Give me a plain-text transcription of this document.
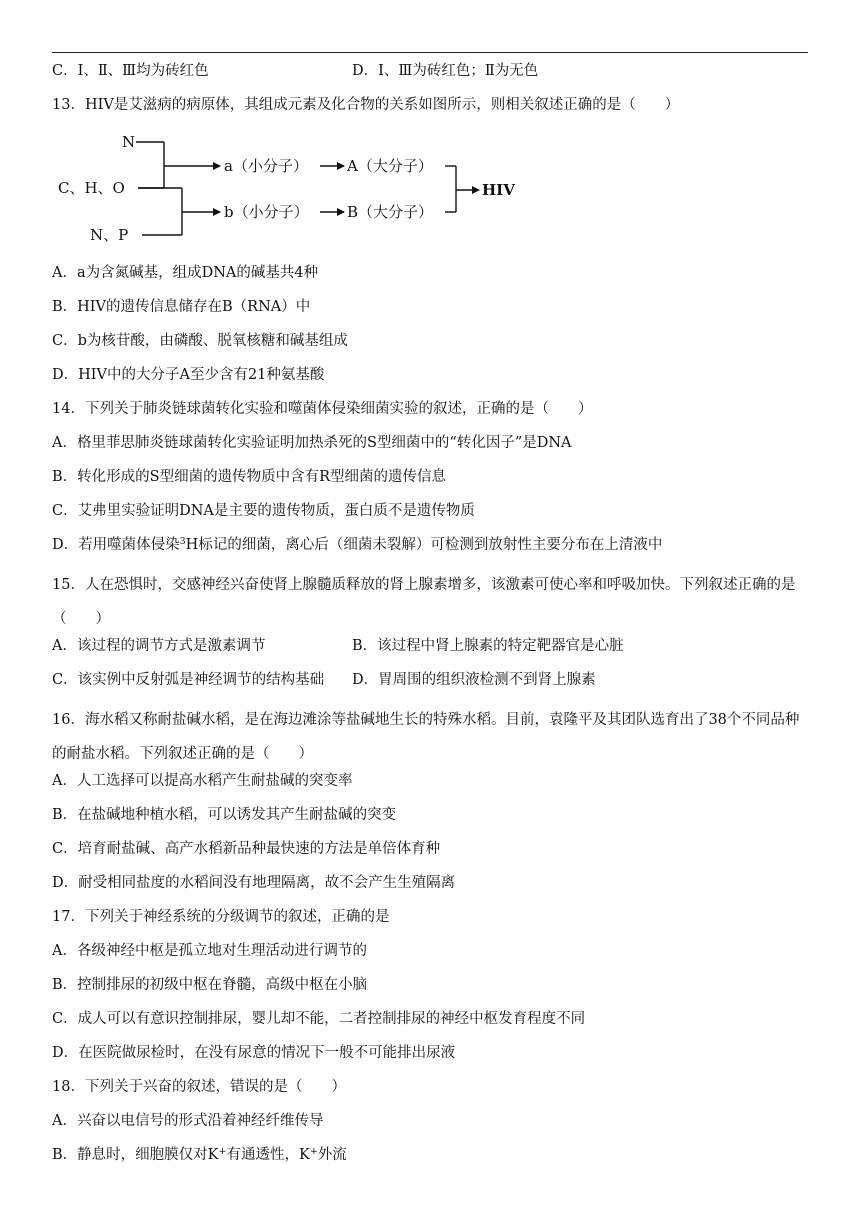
C．Ⅰ、Ⅱ、Ⅲ均为砖红色	D．Ⅰ、Ⅲ为砖红色；Ⅱ为无色
13．HIV是艾滋病的病原体，其组成元素及化合物的关系如图所示，则相关叙述正确的是（　　）
N
C、H、O
N、P
a（小分子）	A（大分子）
b（小分子）	B（大分子）
HIV
A．a为含氮碱基，组成DNA的碱基共4种
B．HIV的遗传信息储存在B（RNA）中
C．b为核苷酸，由磷酸、脱氧核糖和碱基组成
D．HIV中的大分子A至少含有21种氨基酸
14．下列关于肺炎链球菌转化实验和噬菌体侵染细菌实验的叙述，正确的是（　　）
A．格里菲思肺炎链球菌转化实验证明加热杀死的S型细菌中的“转化因子”是DNA
B．转化形成的S型细菌的遗传物质中含有R型细菌的遗传信息
C．艾弗里实验证明DNA是主要的遗传物质，蛋白质不是遗传物质
D．若用噬菌体侵染$^3$H标记的细菌，离心后（细菌未裂解）可检测到放射性主要分布在上清液中
15．人在恐惧时，交感神经兴奋使肾上腺髓质释放的肾上腺素增多，该激素可使心率和呼吸加快。下列叙述正确的是（　　）
A．该过程的调节方式是激素调节	B．该过程中肾上腺素的特定靶器官是心脏
C．该实例中反射弧是神经调节的结构基础 D．胃周围的组织液检测不到肾上腺素
16．海水稻又称耐盐碱水稻，是在海边滩涂等盐碱地生长的特殊水稻。目前，袁隆平及其团队选育出了38个不同品种的耐盐水稻。下列叙述正确的是（　　）
A．人工选择可以提高水稻产生耐盐碱的突变率
B．在盐碱地种植水稻，可以诱发其产生耐盐碱的突变
C．培育耐盐碱、高产水稻新品种最快速的方法是单倍体育种
D．耐受相同盐度的水稻间没有地理隔离，故不会产生生殖隔离
17．下列关于神经系统的分级调节的叙述，正确的是
A．各级神经中枢是孤立地对生理活动进行调节的
B．控制排尿的初级中枢在脊髓，高级中枢在小脑
C．成人可以有意识控制排尿，婴儿却不能，二者控制排尿的神经中枢发育程度不同
D．在医院做尿检时，在没有尿意的情况下一般不可能排出尿液
18．下列关于兴奋的叙述，错误的是（　　）
A．兴奋以电信号的形式沿着神经纤维传导
B．静息时，细胞膜仅对K+有通透性，K+外流
